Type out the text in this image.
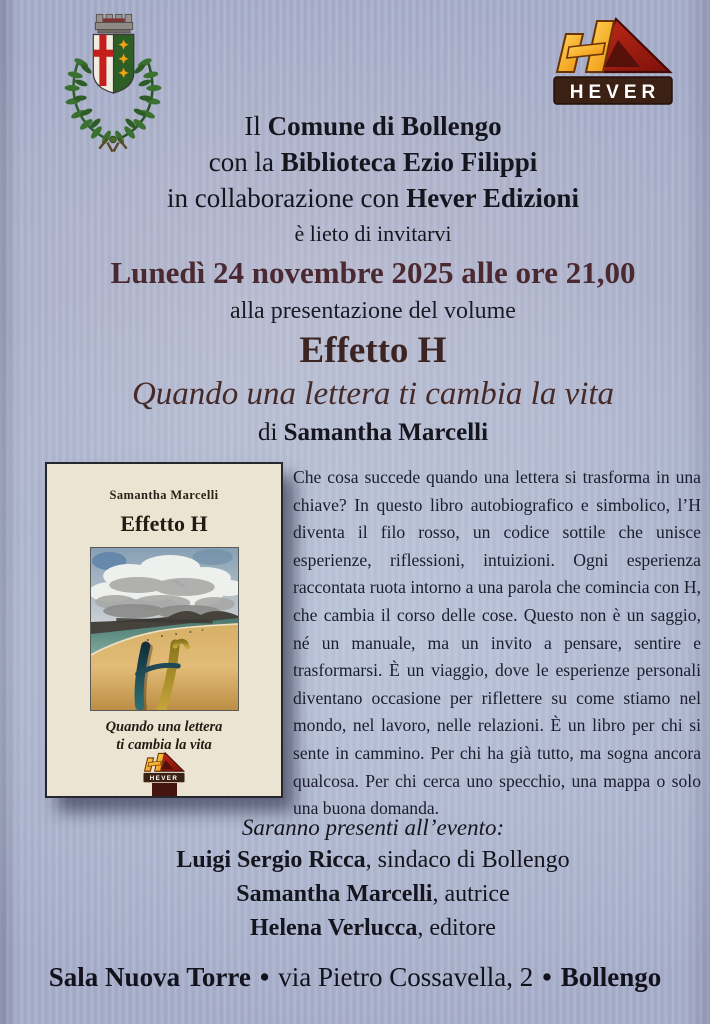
HEVER

Il Comune di Bollengo

con la Biblioteca Ezio Filippi

in collaborazione con Hever Edizioni

è lieto di invitarvi

Lunedì 24 novembre 2025 alle ore 21,00

alla presentazione del volume

Effetto H

Quando una lettera ti cambia la vita

di Samantha Marcelli

Samantha Marcelli
Effetto H
Quando una lettera
ti cambia la vita
HEVER

Che cosa succede quando una lettera si trasforma in una chiave? In questo libro autobiografico e simbolico, l’H diventa il filo rosso, un codice sottile che unisce esperienze, riflessioni, intuizioni. Ogni esperienza raccontata ruota intorno a una parola che comincia con H, che cambia il corso delle cose. Questo non è un saggio, né un manuale, ma un invito a pensare, sentire e trasformarsi. È un viaggio, dove le esperienze personali diventano occasione per riflettere su come stiamo nel mondo, nel lavoro, nelle relazioni. È un libro per chi si sente in cammino. Per chi ha già tutto, ma sogna ancora qualcosa. Per chi cerca uno specchio, una mappa o solo una buona domanda.

Saranno presenti all’evento:

Luigi Sergio Ricca, sindaco di Bollengo

Samantha Marcelli, autrice

Helena Verlucca, editore

Sala Nuova Torre • via Pietro Cossavella, 2 • Bollengo
